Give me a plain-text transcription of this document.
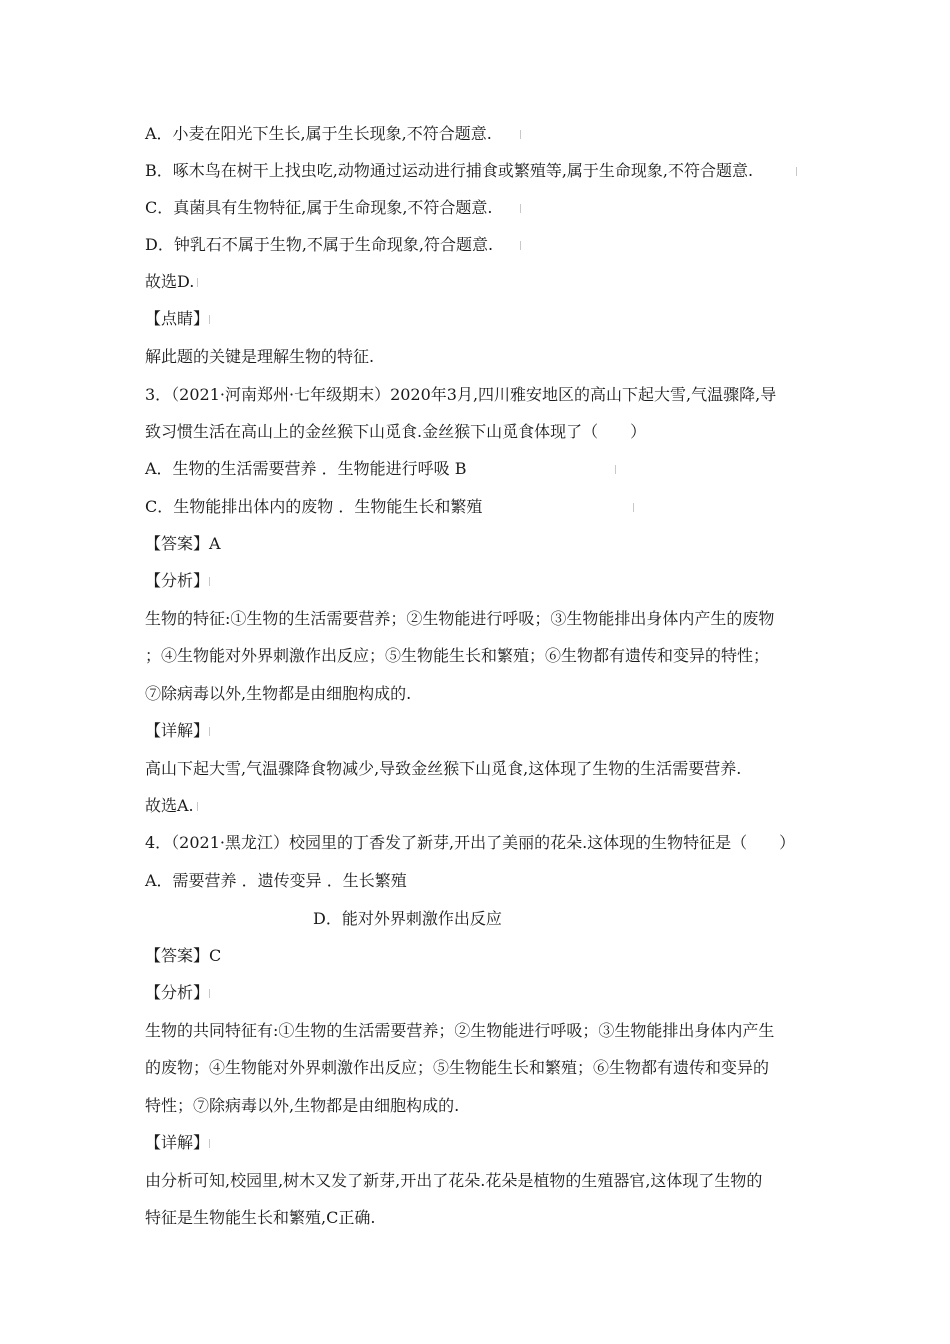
A．小麦在阳光下生长,属于生长现象,不符合题意.
B．啄木鸟在树干上找虫吃,动物通过运动进行捕食或繁殖等,属于生命现象,不符合题意.
C．真菌具有生物特征,属于生命现象,不符合题意.
D．钟乳石不属于生物,不属于生命现象,符合题意.
故选D.
【点睛】
解此题的关键是理解生物的特征.
3．（2021·河南郑州·七年级期末）2020年3月,四川雅安地区的高山下起大雪,气温骤降,导
致习惯生活在高山上的金丝猴下山觅食.金丝猴下山觅食体现了（　　）
A．生物的生活需要营养 ．生物能进行呼吸 B
C．生物能排出体内的废物 ．生物能生长和繁殖
【答案】A
【分析】
生物的特征:①生物的生活需要营养；②生物能进行呼吸；③生物能排出身体内产生的废物
；④生物能对外界刺激作出反应；⑤生物能生长和繁殖；⑥生物都有遗传和变异的特性；
⑦除病毒以外,生物都是由细胞构成的.
【详解】
高山下起大雪,气温骤降食物减少,导致金丝猴下山觅食,这体现了生物的生活需要营养.
故选A.
4．（2021·黑龙江）校园里的丁香发了新芽,开出了美丽的花朵.这体现的生物特征是（　　）
A．需要营养 ．遗传变异 ．生长繁殖
D．能对外界刺激作出反应
【答案】C
【分析】
生物的共同特征有:①生物的生活需要营养；②生物能进行呼吸；③生物能排出身体内产生
的废物；④生物能对外界刺激作出反应；⑤生物能生长和繁殖；⑥生物都有遗传和变异的
特性；⑦除病毒以外,生物都是由细胞构成的.
【详解】
由分析可知,校园里,树木又发了新芽,开出了花朵.花朵是植物的生殖器官,这体现了生物的
特征是生物能生长和繁殖,C正确.
